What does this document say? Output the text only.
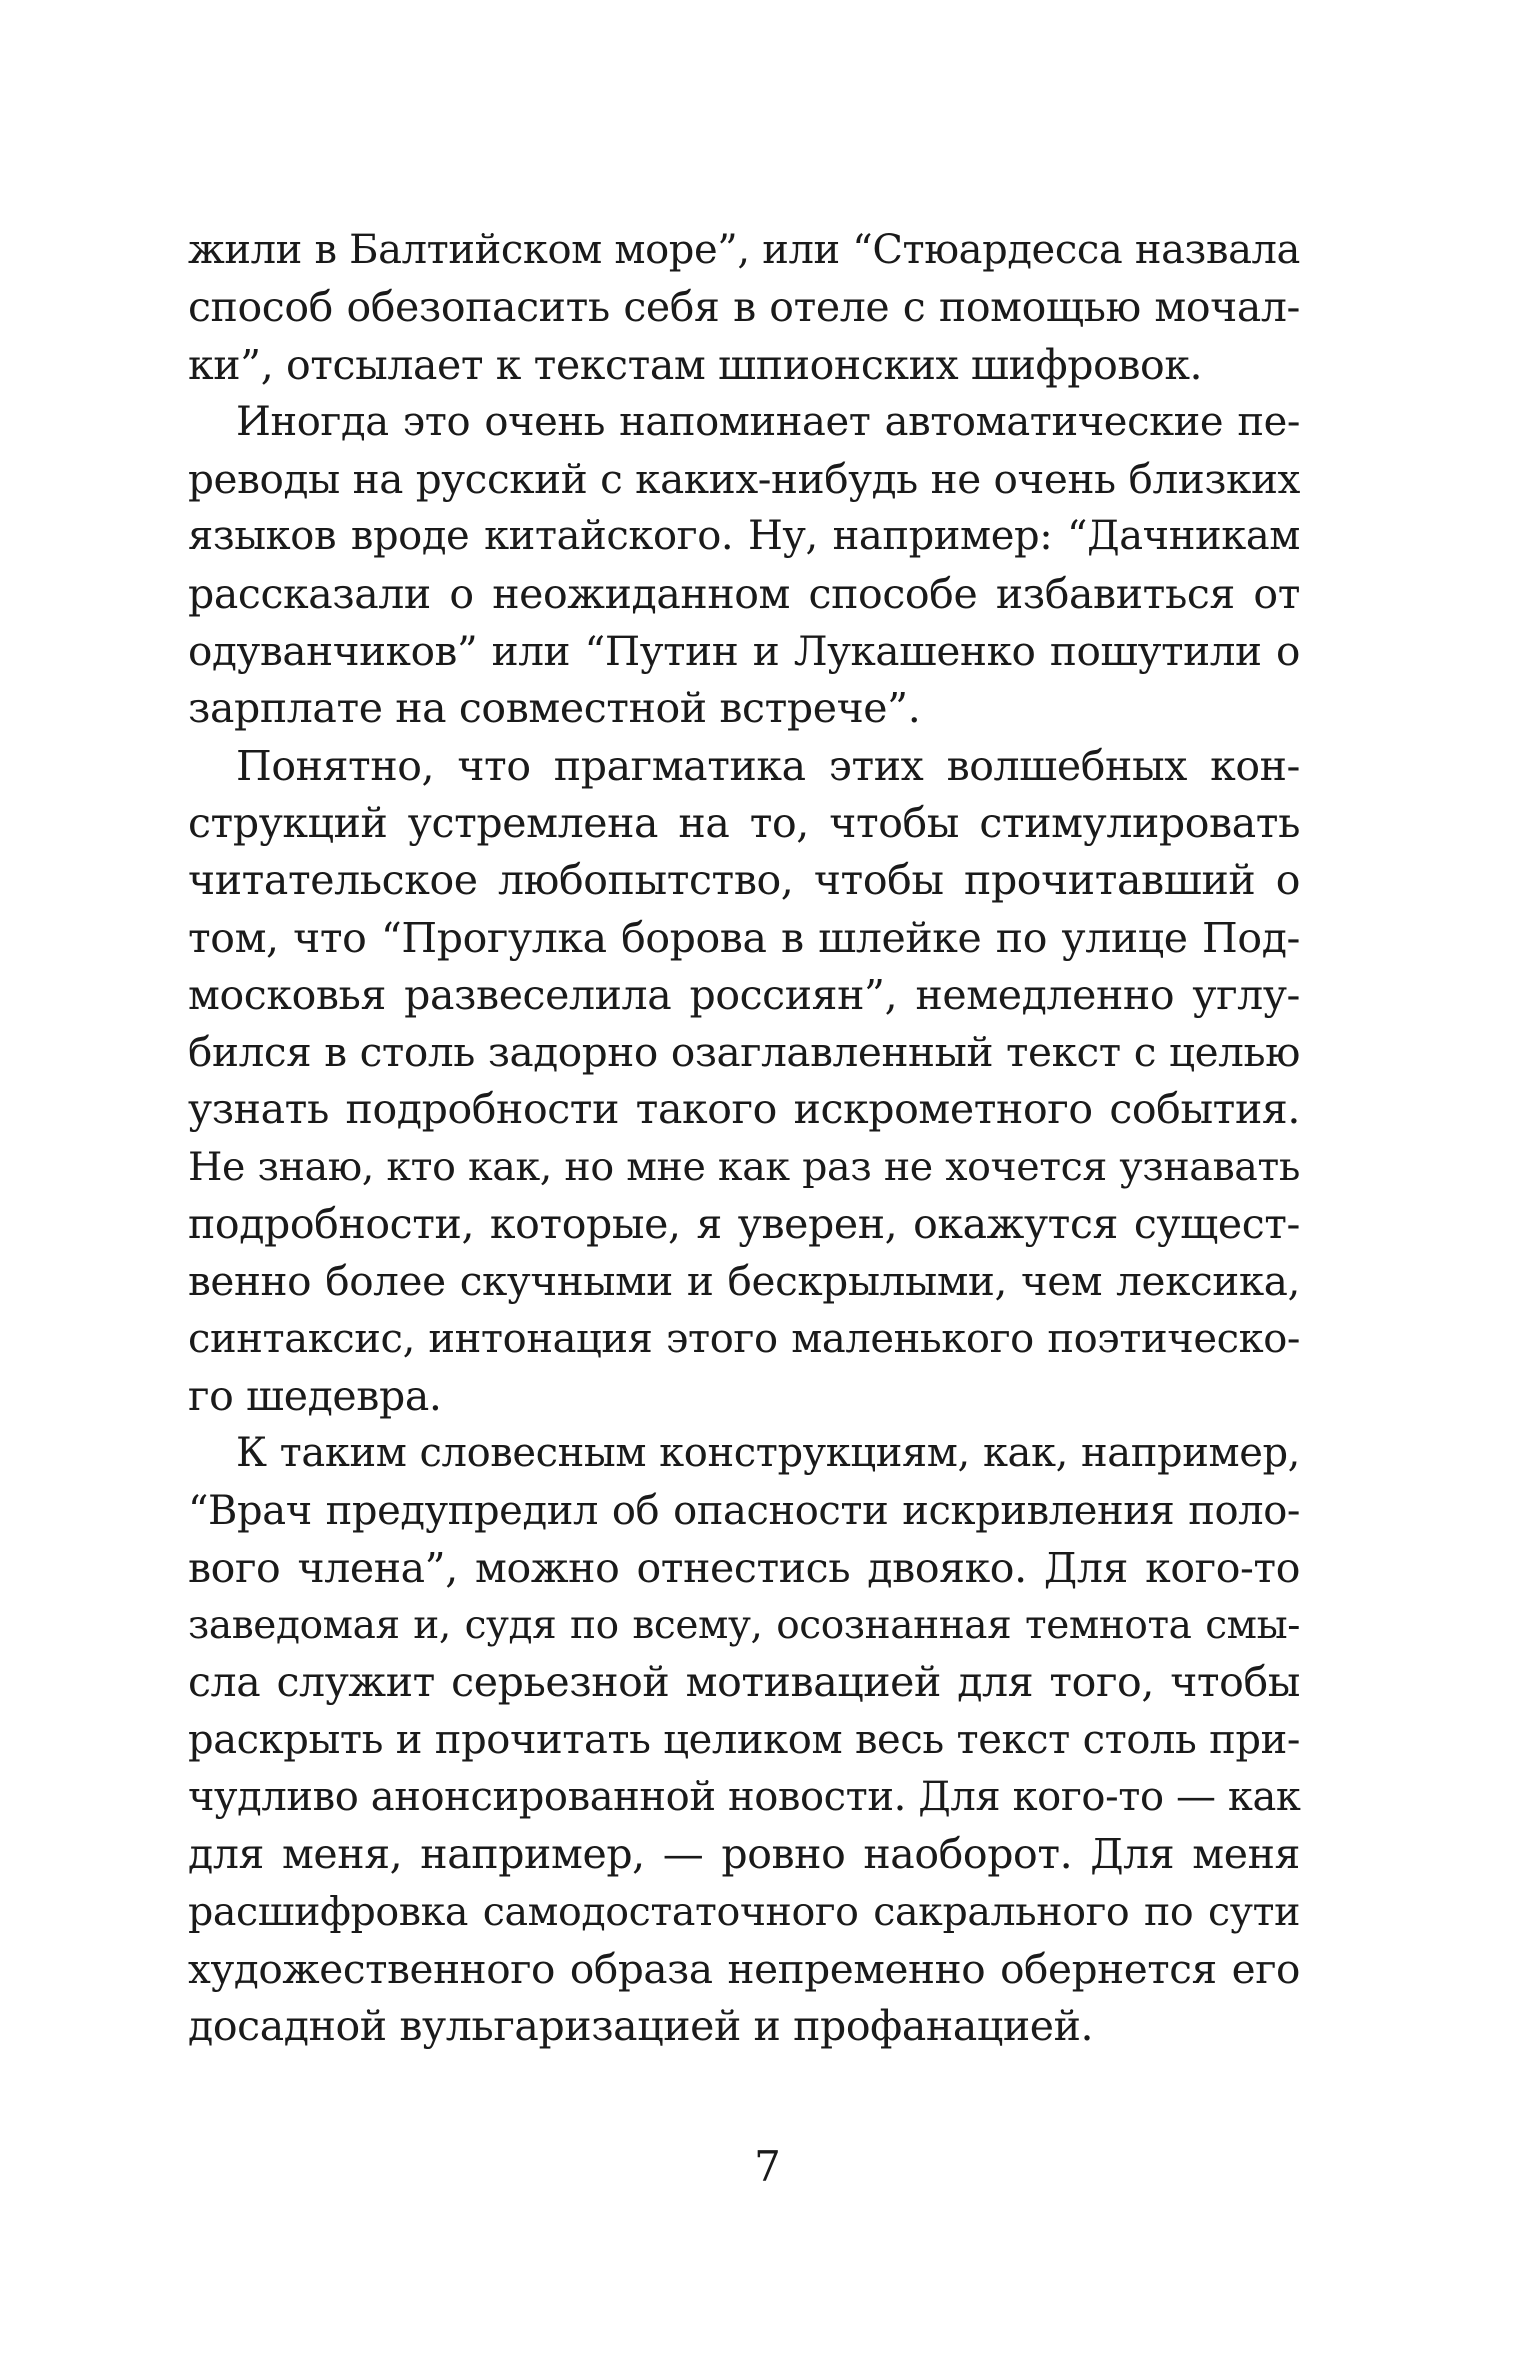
жили в Балтийском море”, или “Стюардесса назвала
способ обезопасить себя в отеле с помощью мочал-
ки”, отсылает к текстам шпионских шифровок.
Иногда это очень напоминает автоматические пе-
реводы на русский с каких-нибудь не очень близких
языков вроде китайского. Ну, например: “Дачникам
рассказали о неожиданном способе избавиться от
одуванчиков” или “Путин и Лукашенко пошутили о
зарплате на совместной встрече”.
Понятно, что прагматика этих волшебных кон-
струкций устремлена на то, чтобы стимулировать
читательское любопытство, чтобы прочитавший о
том, что “Прогулка борова в шлейке по улице Под-
московья развеселила россиян”, немедленно углу-
бился в столь задорно озаглавленный текст с целью
узнать подробности такого искрометного события.
Не знаю, кто как, но мне как раз не хочется узнавать
подробности, которые, я уверен, окажутся сущест-
венно более скучными и бескрылыми, чем лексика,
синтаксис, интонация этого маленького поэтическо-
го шедевра.
К таким словесным конструкциям, как, например,
“Врач предупредил об опасности искривления поло-
вого члена”, можно отнестись двояко. Для кого-то
заведомая и, судя по всему, осознанная темнота смы-
сла служит серьезной мотивацией для того, чтобы
раскрыть и прочитать целиком весь текст столь при-
чудливо анонсированной новости. Для кого-то — как
для меня, например, — ровно наоборот. Для меня
расшифровка самодостаточного сакрального по сути
художественного образа непременно обернется его
досадной вульгаризацией и профанацией.
7
